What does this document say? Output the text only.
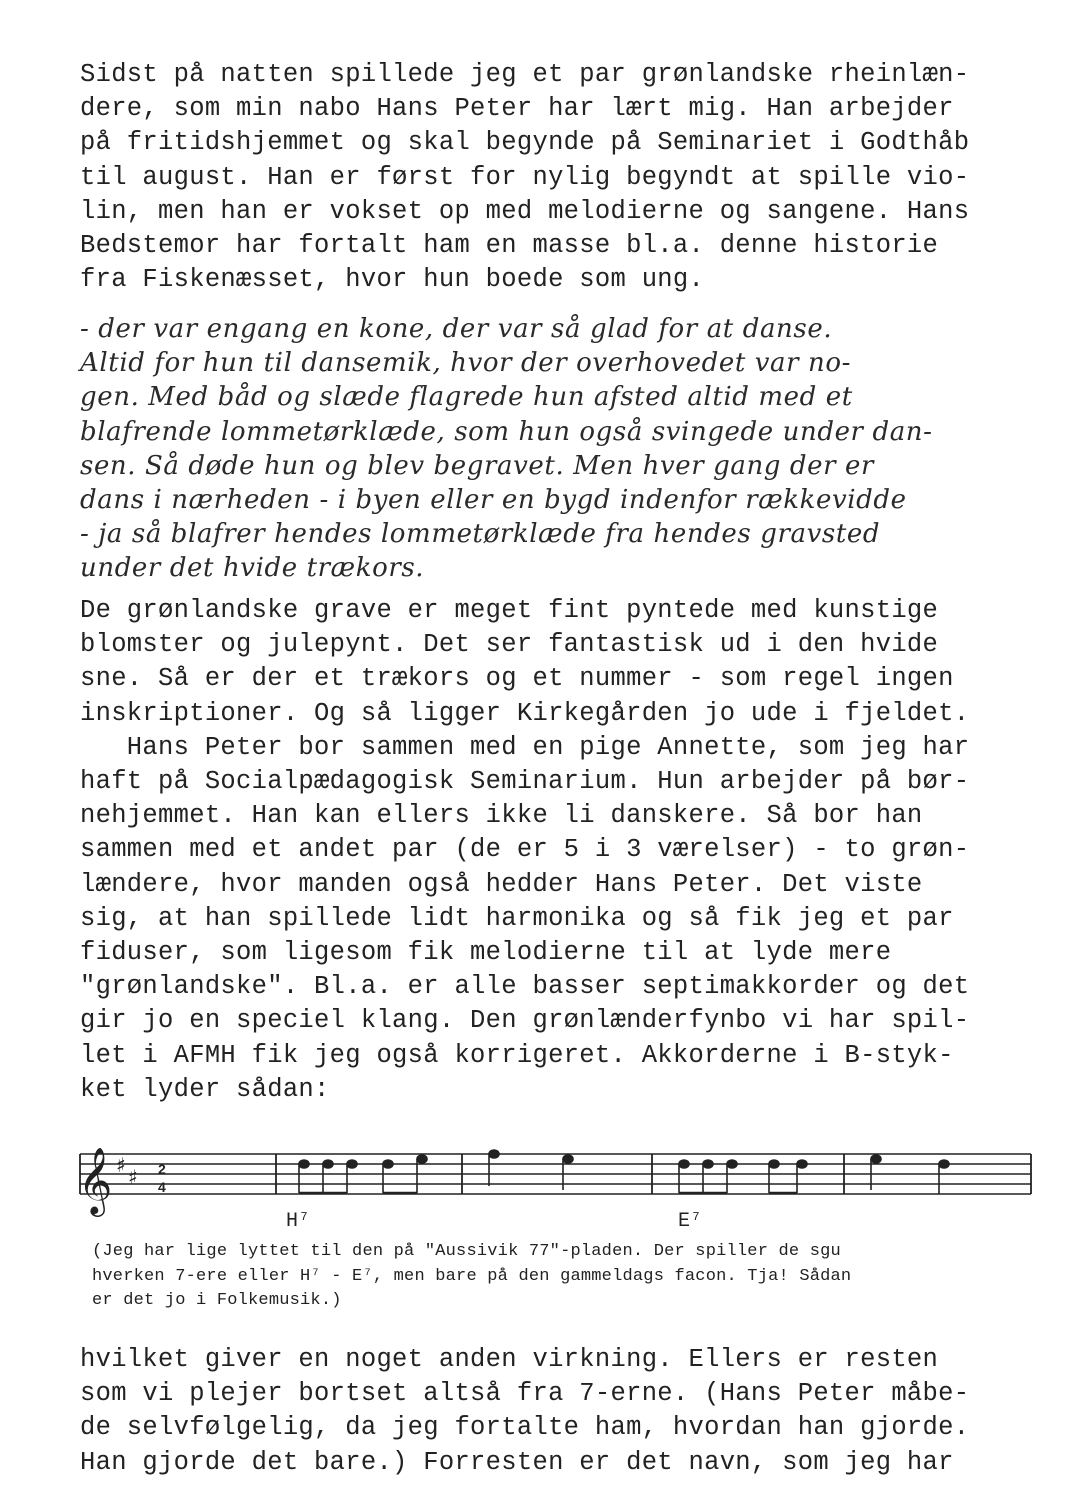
Sidst på natten spillede jeg et par grønlandske rheinlæn-
dere, som min nabo Hans Peter har lært mig. Han arbejder
på fritidshjemmet og skal begynde på Seminariet i Godthåb
til august. Han er først for nylig begyndt at spille vio-
lin, men han er vokset op med melodierne og sangene. Hans
Bedstemor har fortalt ham en masse bl.a. denne historie
fra Fiskenæsset, hvor hun boede som ung.
- der var engang en kone, der var så glad for at danse.
Altid for hun til dansemik, hvor der overhovedet var no-
gen. Med båd og slæde flagrede hun afsted altid med et
blafrende lommetørklæde, som hun også svingede under dan-
sen. Så døde hun og blev begravet. Men hver gang der er
dans i nærheden - i byen eller en bygd indenfor rækkevidde
- ja så blafrer hendes lommetørklæde fra hendes gravsted
under det hvide trækors.
De grønlandske grave er meget fint pyntede med kunstige
blomster og julepynt. Det ser fantastisk ud i den hvide
sne. Så er der et trækors og et nummer - som regel ingen
inskriptioner. Og så ligger Kirkegården jo ude i fjeldet.
Hans Peter bor sammen med en pige Annette, som jeg har
haft på Socialpædagogisk Seminarium. Hun arbejder på bør-
nehjemmet. Han kan ellers ikke li danskere. Så bor han
sammen med et andet par (de er 5 i 3 værelser) - to grøn-
lændere, hvor manden også hedder Hans Peter. Det viste
sig, at han spillede lidt harmonika og så fik jeg et par
fiduser, som ligesom fik melodierne til at lyde mere
"grønlandske". Bl.a. er alle basser septimakkorder og det
gir jo en speciel klang. Den grønlænderfynbo vi har spil-
let i AFMH fik jeg også korrigeret. Akkorderne i B-styk-
ket lyder sådan:
𝄞 ♯ ♯ 2
4
H⁷	E⁷
(Jeg har lige lyttet til den på "Aussivik 77"-pladen. Der spiller de sgu
hverken 7-ere eller H⁷ - E⁷, men bare på den gammeldags facon. Tja! Sådan
er det jo i Folkemusik.)
hvilket giver en noget anden virkning. Ellers er resten
som vi plejer bortset altså fra 7-erne. (Hans Peter måbe-
de selvfølgelig, da jeg fortalte ham, hvordan han gjorde.
Han gjorde det bare.) Forresten er det navn, som jeg har
